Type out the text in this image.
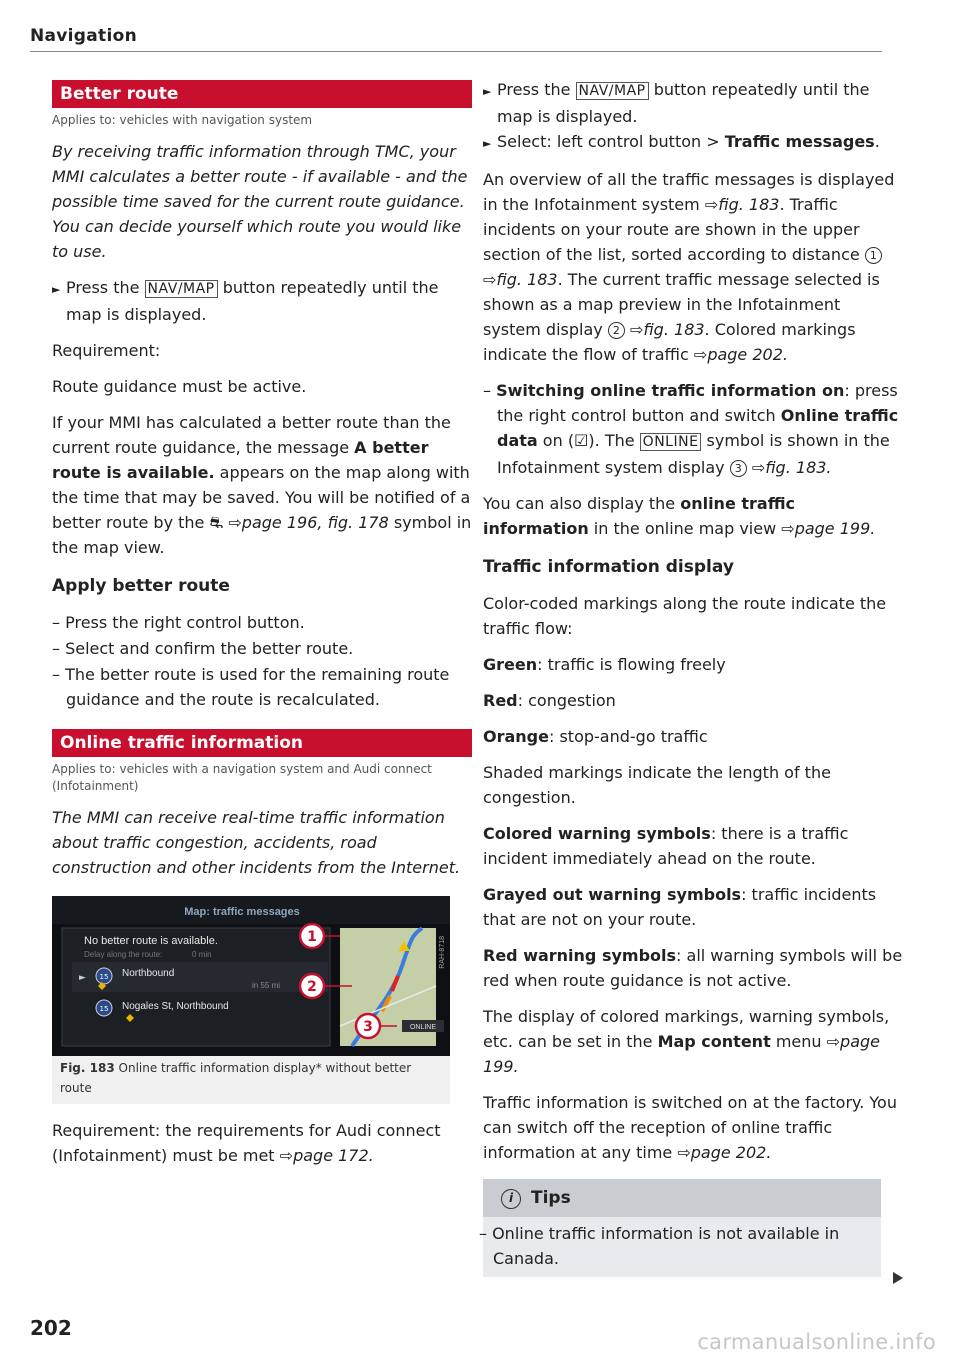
Navigation
Better route
Applies to: vehicles with navigation system

By receiving traffic information through TMC, your MMI calculates a better route - if available - and the possible time saved for the current route guidance. You can decide yourself which route you would like to use.

► Press the NAV/MAP button repeatedly until the map is displayed.

Requirement:

Route guidance must be active.

If your MMI has calculated a better route than the current route guidance, the message A better route is available. appears on the map along with the time that may be saved. You will be notified of a better route by the ⛐ ⇨page 196, fig. 178 symbol in the map view.

Apply better route

– Press the right control button.

– Select and confirm the better route.

– The better route is used for the remaining route guidance and the route is recalculated.

Online traffic information
Applies to: vehicles with a navigation system and Audi connect (Infotainment)

The MMI can receive real-time traffic information about traffic congestion, accidents, road construction and other incidents from the Internet.

Map: traffic messages
No better route is available.
Delay along the route:	0 min
► 15 Northbound
in 55 mi
15 Nogales St, Northbound
1
2
3	ONLINE
RAH-8718
Fig. 183 Online traffic information display* without better route

Requirement: the requirements for Audi connect (Infotainment) must be met ⇨page 172.

► Press the NAV/MAP button repeatedly until the map is displayed.

► Select: left control button > Traffic messages.

An overview of all the traffic messages is displayed in the Infotainment system ⇨fig. 183. Traffic incidents on your route are shown in the upper section of the list, sorted according to distance 1 ⇨fig. 183. The current traffic message selected is shown as a map preview in the Infotainment system display 2 ⇨fig. 183. Colored markings indicate the flow of traffic ⇨page 202.

– Switching online traffic information on: press the right control button and switch Online traffic data on (☑). The ONLINE symbol is shown in the Infotainment system display 3 ⇨fig. 183.

You can also display the online traffic information in the online map view ⇨page 199.

Traffic information display

Color-coded markings along the route indicate the traffic flow:

Green: traffic is flowing freely

Red: congestion

Orange: stop-and-go traffic

Shaded markings indicate the length of the congestion.

Colored warning symbols: there is a traffic incident immediately ahead on the route.

Grayed out warning symbols: traffic incidents that are not on your route.

Red warning symbols: all warning symbols will be red when route guidance is not active.

The display of colored markings, warning symbols, etc. can be set in the Map content menu ⇨page 199.

Traffic information is switched on at the factory. You can switch off the reception of online traffic information at any time ⇨page 202.

i Tips
– Online traffic information is not available in Canada.
202
carmanualsonline.info
